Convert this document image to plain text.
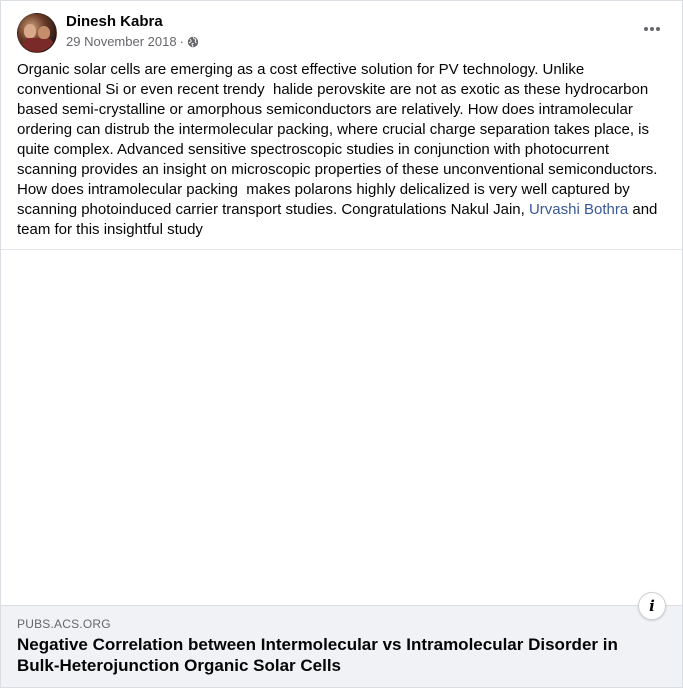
Dinesh Kabra
29 November 2018 ·
Organic solar cells are emerging as a cost effective solution for PV technology. Unlike conventional Si or even recent trendy  halide perovskite are not as exotic as these hydrocarbon based semi-crystalline or amorphous semiconductors are relatively. How does intramolecular ordering can distrub the intermolecular packing, where crucial charge separation takes place, is quite complex. Advanced sensitive spectroscopic studies in conjunction with photocurrent scanning provides an insight on microscopic properties of these unconventional semiconductors. How does intramolecular packing  makes polarons highly delicalized is very well captured by scanning photoinduced carrier transport studies. Congratulations Nakul Jain, Urvashi Bothra and team for this insightful study
i
PUBS.ACS.ORG
Negative Correlation between Intermolecular vs Intramolecular Disorder in Bulk-Heterojunction Organic Solar Cells
